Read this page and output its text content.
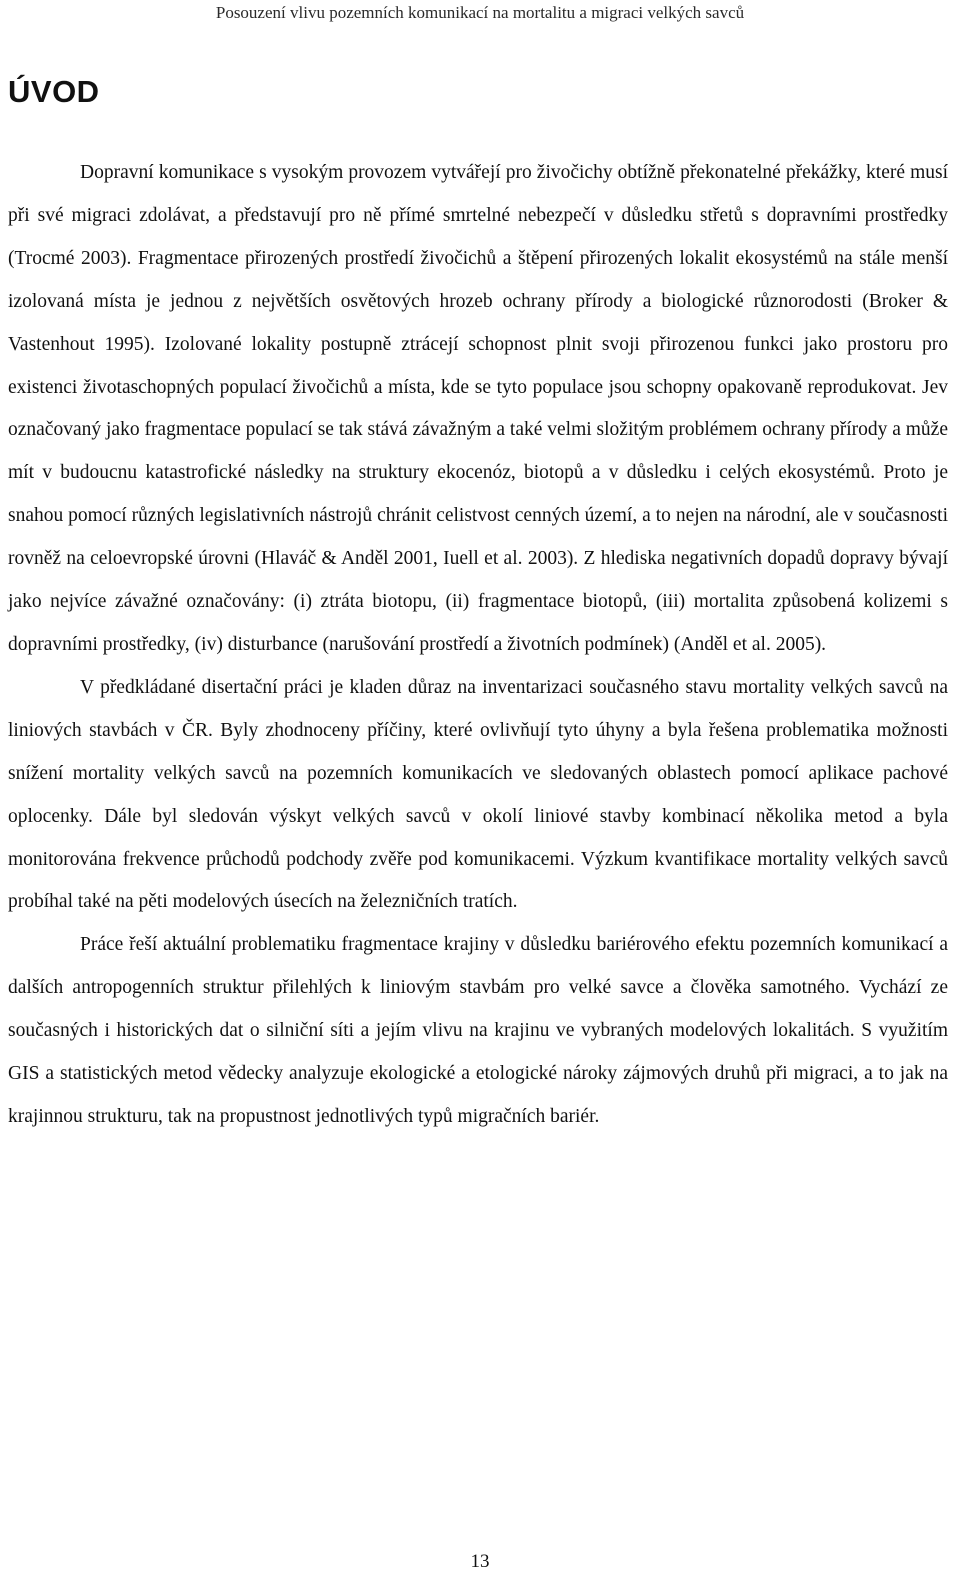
Posouzení vlivu pozemních komunikací na mortalitu a migraci velkých savců
ÚVOD

Dopravní komunikace s vysokým provozem vytvářejí pro živočichy obtížně překonatelné překážky, které musí při své migraci zdolávat, a představují pro ně přímé smrtelné nebezpečí v důsledku střetů s dopravními prostředky (Trocmé 2003). Fragmentace přirozených prostředí živočichů a štěpení přirozených lokalit ekosystémů na stále menší izolovaná místa je jednou z největších osvětových hrozeb ochrany přírody a biologické různorodosti (Broker & Vastenhout 1995). Izolované lokality postupně ztrácejí schopnost plnit svoji přirozenou funkci jako prostoru pro existenci životaschopných populací živočichů a místa, kde se tyto populace jsou schopny opakovaně reprodukovat. Jev označovaný jako fragmentace populací se tak stává závažným a také velmi složitým problémem ochrany přírody a může mít v budoucnu katastrofické následky na struktury ekocenóz, biotopů a v důsledku i celých ekosystémů. Proto je snahou pomocí různých legislativních nástrojů chránit celistvost cenných území, a to nejen na národní, ale v současnosti rovněž na celoevropské úrovni (Hlaváč & Anděl 2001, Iuell et al. 2003). Z hlediska negativních dopadů dopravy bývají jako nejvíce závažné označovány: (i) ztráta biotopu, (ii) fragmentace biotopů, (iii) mortalita způsobená kolizemi s dopravními prostředky, (iv) disturbance (narušování prostředí a životních podmínek) (Anděl et al. 2005).

V předkládané disertační práci je kladen důraz na inventarizaci současného stavu mortality velkých savců na liniových stavbách v ČR. Byly zhodnoceny příčiny, které ovlivňují tyto úhyny a byla řešena problematika možnosti snížení mortality velkých savců na pozemních komunikacích ve sledovaných oblastech pomocí aplikace pachové oplocenky. Dále byl sledován výskyt velkých savců v okolí liniové stavby kombinací několika metod a byla monitorována frekvence průchodů podchody zvěře pod komunikacemi. Výzkum kvantifikace mortality velkých savců probíhal také na pěti modelových úsecích na železničních tratích.

Práce řeší aktuální problematiku fragmentace krajiny v důsledku bariérového efektu pozemních komunikací a dalších antropogenních struktur přilehlých k liniovým stavbám pro velké savce a člověka samotného. Vychází ze současných i historických dat o silniční síti a jejím vlivu na krajinu ve vybraných modelových lokalitách. S využitím GIS a statistických metod vědecky analyzuje ekologické a etologické nároky zájmových druhů při migraci, a to jak na krajinnou strukturu, tak na propustnost jednotlivých typů migračních bariér.

13
